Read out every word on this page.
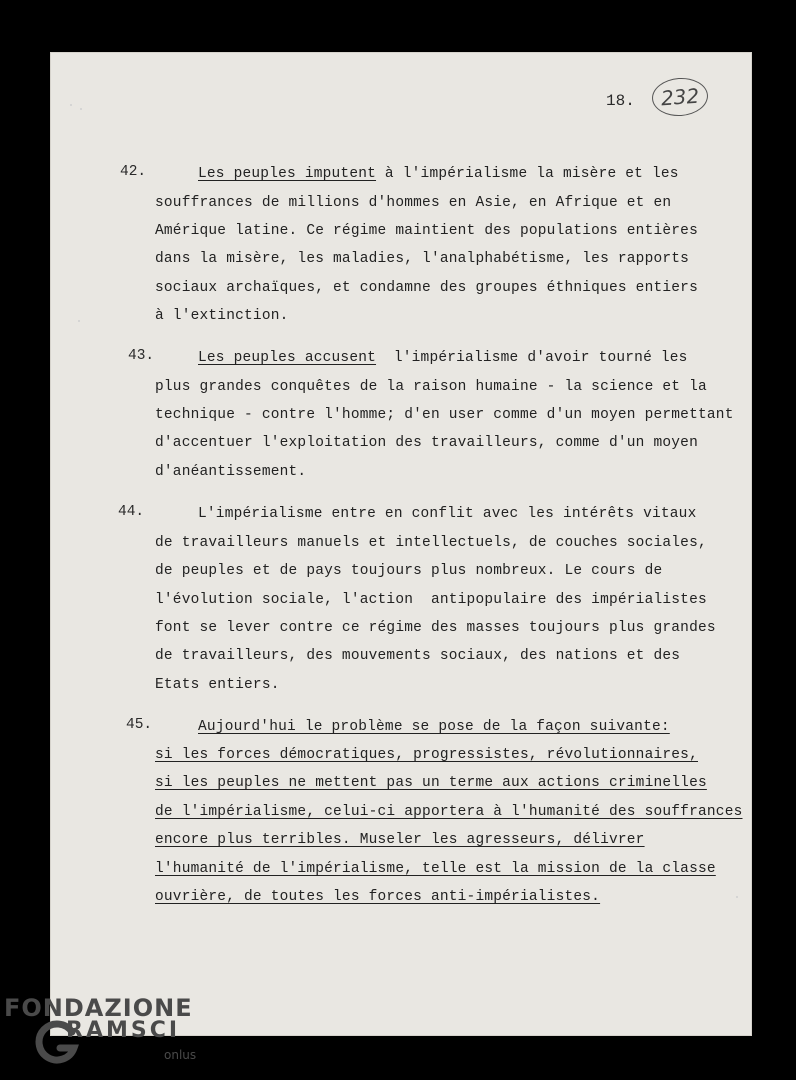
18.	232
42.	Les peuples imputent à l'impérialisme la misère et les
souffrances de millions d'hommes en Asie, en Afrique et en
Amérique latine. Ce régime maintient des populations entières
dans la misère, les maladies, l'analphabétisme, les rapports
sociaux archaïques, et condamne des groupes éthniques entiers
à l'extinction.
43.	Les peuples accusent  l'impérialisme d'avoir tourné les
plus grandes conquêtes de la raison humaine - la science et la
technique - contre l'homme; d'en user comme d'un moyen permettant
d'accentuer l'exploitation des travailleurs, comme d'un moyen
d'anéantissement.
44.	L'impérialisme entre en conflit avec les intérêts vitaux
de travailleurs manuels et intellectuels, de couches sociales,
de peuples et de pays toujours plus nombreux. Le cours de
l'évolution sociale, l'action  antipopulaire des impérialistes
font se lever contre ce régime des masses toujours plus grandes
de travailleurs, des mouvements sociaux, des nations et des
Etats entiers.
45.	Aujourd'hui le problème se pose de la façon suivante:
si les forces démocratiques, progressistes, révolutionnaires,
si les peuples ne mettent pas un terme aux actions criminelles
de l'impérialisme, celui-ci apportera à l'humanité des souffrances
encore plus terribles. Museler les agresseurs, délivrer
l'humanité de l'impérialisme, telle est la mission de la classe
ouvrière, de toutes les forces anti-impérialistes.
FONDAZIONE
RAMSCI
onlus
